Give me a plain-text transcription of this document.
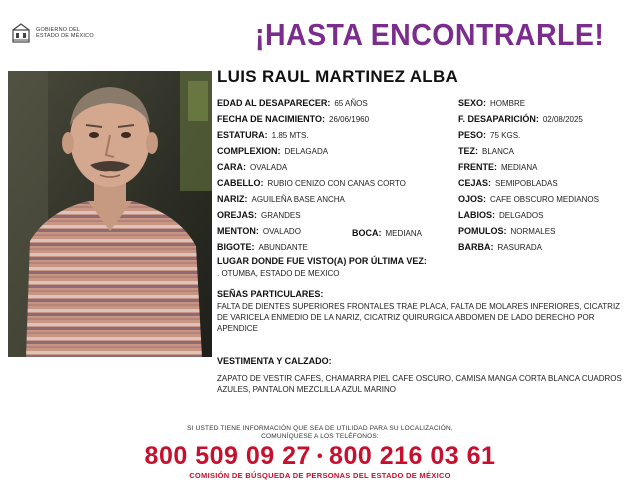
GOBIERNO DEL
ESTADO DE MÉXICO	¡HASTA ENCONTRARLE!
LUIS RAUL MARTINEZ ALBA
EDAD AL DESAPARECER: 65 AÑOS
FECHA DE NACIMIENTO: 26/06/1960
ESTATURA: 1.85 MTS.
COMPLEXION: DELAGADA
CARA: OVALADA
CABELLO: RUBIO CENIZO CON CANAS CORTO
NARIZ: AGUILEÑA BASE ANCHA
OREJAS: GRANDES
MENTON: OVALADO	BOCA: MEDIANA
BIGOTE: ABUNDANTE
SEXO: HOMBRE
F. DESAPARICIÓN: 02/08/2025
PESO: 75 KGS.
TEZ: BLANCA
FRENTE: MEDIANA
CEJAS: SEMIPOBLADAS
OJOS: CAFE OBSCURO MEDIANOS
LABIOS: DELGADOS
POMULOS: NORMALES
BARBA: RASURADA
LUGAR DONDE FUE VISTO(A) POR ÚLTIMA VEZ:
. OTUMBA, ESTADO DE MEXICO
SEÑAS PARTICULARES:
FALTA DE DIENTES SUPERIORES FRONTALES TRAE PLACA, FALTA DE MOLARES INFERIORES, CICATRIZ DE VARICELA ENMEDIO DE LA NARIZ, CICATRIZ QUIRURGICA ABDOMEN DE LADO DERECHO POR APENDICE
VESTIMENTA Y CALZADO:
ZAPATO DE VESTIR CAFES, CHAMARRA PIEL CAFE OSCURO, CAMISA MANGA CORTA BLANCA CUADROS AZULES, PANTALON MEZCLILLA AZUL MARINO
SI USTED TIENE INFORMACIÓN QUE SEA DE UTILIDAD PARA SU LOCALIZACIÓN,
COMUNÍQUESE A LOS TELÉFONOS:
800 509 09 27 • 800 216 03 61
COMISIÓN DE BÚSQUEDA DE PERSONAS DEL ESTADO DE MÉXICO
